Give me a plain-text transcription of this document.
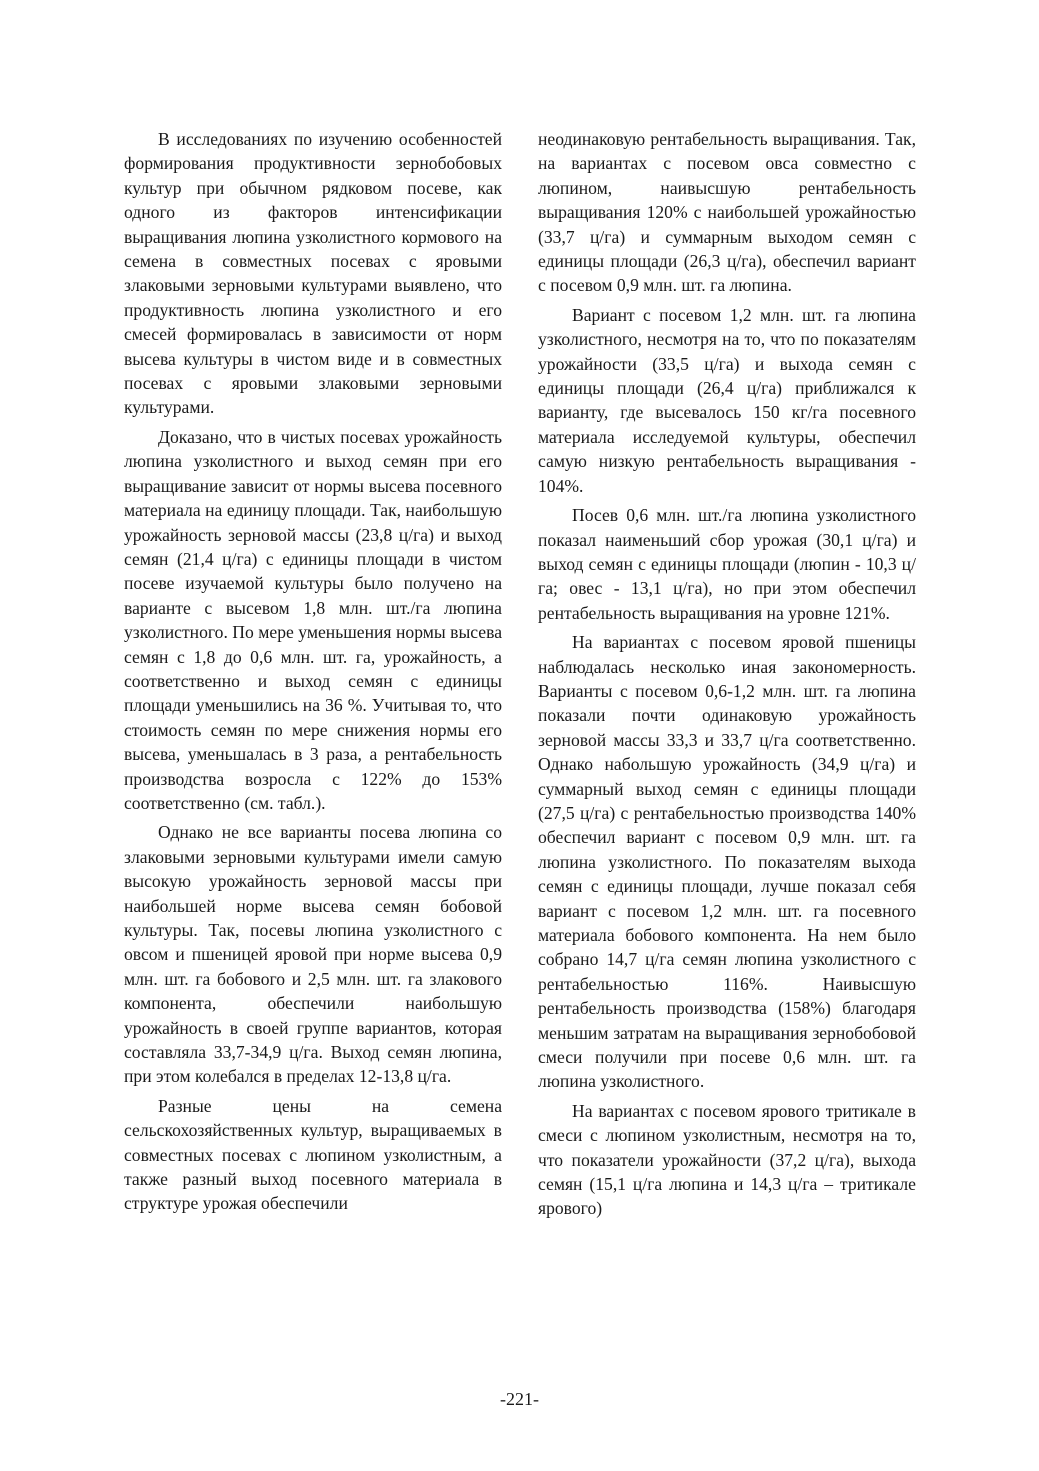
В исследованиях по изучению особенностей формирования продуктивности зернобобовых культур при обычном рядковом посеве, как одного из факторов интенсификации выращивания люпина узколистного кормового на семена в совместных посевах с яровыми злаковыми зерновыми культурами выявлено, что продуктивность люпина узколистного и его смесей формировалась в зависимости от норм высева культуры в чистом виде и в совместных посевах с яровыми злаковыми зерновыми культурами.

Доказано, что в чистых посевах урожайность люпина узколистного и выход семян при его выращивание зависит от нормы высева посевного материала на единицу площади. Так, наибольшую урожайность зерновой массы (23,8 ц/га) и выход семян (21,4 ц/га) с единицы площади в чистом посеве изучаемой культуры было получено на варианте с высевом 1,8 млн. шт./га люпина узколистного. По мере уменьшения нормы высева семян с 1,8 до 0,6 млн. шт. га, урожайность, а соответственно и выход семян с единицы площади уменьшились на 36 %. Учитывая то, что стоимость семян по мере снижения нормы его высева, уменьшалась в 3 раза, а рентабельность производства возросла с 122% до 153% соответственно (см. табл.).

Однако не все варианты посева люпина со злаковыми зерновыми культурами имели самую высокую урожайность зерновой массы при наибольшей норме высева семян бобовой культуры. Так, посевы люпина узколистного с овсом и пшеницей яровой при норме высева 0,9 млн. шт. га бобового и 2,5 млн. шт. га злакового компонента, обеспечили наибольшую урожайность в своей группе вариантов, которая составляла 33,7-34,9 ц/га. Выход семян люпина, при этом колебался в пределах 12-13,8 ц/га.

Разные цены на семена сельскохозяйственных культур, выращиваемых в совместных посевах с люпином узколистным, а также разный выход посевного материала в структуре урожая обеспечили

неодинаковую рентабельность выращивания. Так, на вариантах с посевом овса совместно с люпином, наивысшую рентабельность выращивания 120% с наибольшей урожайностью (33,7 ц/га) и суммарным выходом семян с единицы площади (26,3 ц/га), обеспечил вариант с посевом 0,9 млн. шт. га люпина.

Вариант с посевом 1,2 млн. шт. га люпина узколистного, несмотря на то, что по показателям урожайности (33,5 ц/га) и выхода семян с единицы площади (26,4 ц/га) приближался к варианту, где высевалось 150 кг/га посевного материала исследуемой культуры, обеспечил самую низкую рентабельность выращивания - 104%.

Посев 0,6 млн. шт./га люпина узколистного показал наименьший сбор урожая (30,1 ц/га) и выход семян с единицы площади (люпин - 10,3 ц/га; овес - 13,1 ц/га), но при этом обеспечил рентабельность выращивания на уровне 121%.

На вариантах с посевом яровой пшеницы наблюдалась несколько иная закономерность. Варианты с посевом 0,6-1,2 млн. шт. га люпина показали почти одинаковую урожайность зерновой массы 33,3 и 33,7 ц/га соответственно. Однако набольшую урожайность (34,9 ц/га) и суммарный выход семян с единицы площади (27,5 ц/га) с рентабельностью производства 140% обеспечил вариант с посевом 0,9 млн. шт. га люпина узколистного. По показателям выхода семян с единицы площади, лучше показал себя вариант с посевом 1,2 млн. шт. га посевного материала бобового компонента. На нем было собрано 14,7 ц/га семян люпина узколистного с рентабельностью 116%. Наивысшую рентабельность производства (158%) благодаря меньшим затратам на выращивания зернобобовой смеси получили при посеве 0,6 млн. шт. га люпина узколистного.

На вариантах с посевом ярового тритикале в смеси с люпином узколистным, несмотря на то, что показатели урожайности (37,2 ц/га), выхода семян (15,1 ц/га люпина и 14,3 ц/га – тритикале ярового)

-221-
